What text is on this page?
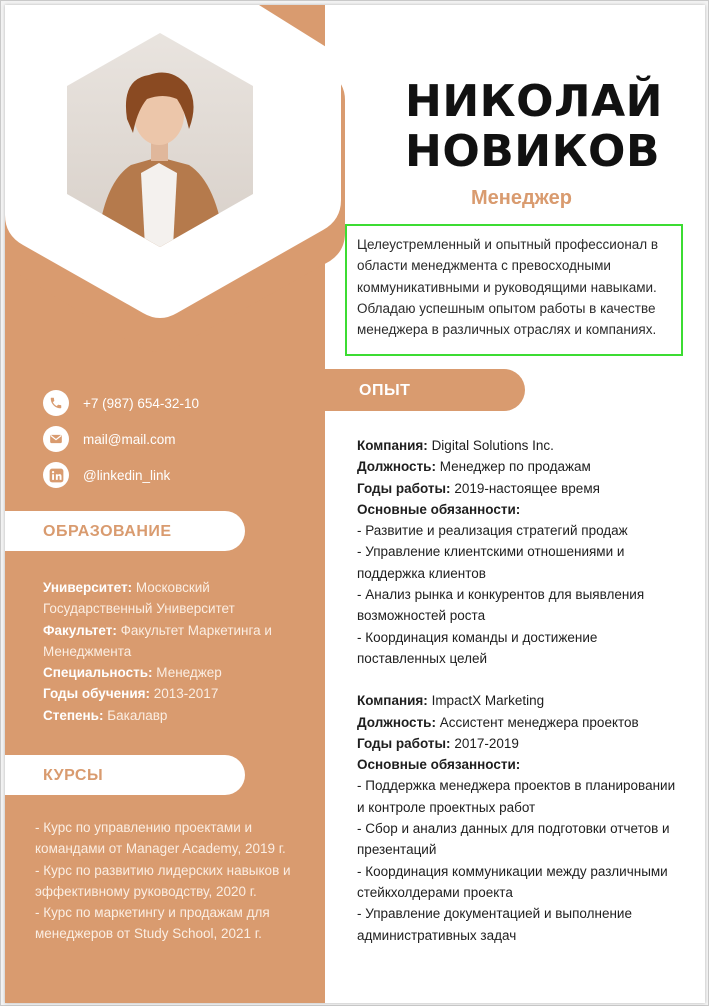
+7 (987) 654-32-10
mail@mail.com
@linkedin_link
ОБРАЗОВАНИЕ
Университет: Московский Государственный Университет
Факультет: Факультет Маркетинга и Менеджмента
Специальность: Менеджер
Годы обучения: 2013-2017
Степень: Бакалавр
КУРСЫ
- Курс по управлению проектами и командами от Manager Academy, 2019 г.
- Курс по развитию лидерских навыков и эффективному руководству, 2020 г.
- Курс по маркетингу и продажам для менеджеров от Study School, 2021 г.
НИКОЛАЙ
НОВИКОВ
Менеджер
Целеустремленный и опытный профессионал в области менеджмента с превосходными коммуникативными и руководящими навыками. Обладаю успешным опытом работы в качестве менеджера в различных отраслях и компаниях.
ОПЫТ
Компания: Digital Solutions Inc.
Должность: Менеджер по продажам
Годы работы: 2019-настоящее время
Основные обязанности:
- Развитие и реализация стратегий продаж
- Управление клиентскими отношениями и поддержка клиентов
- Анализ рынка и конкурентов для выявления возможностей роста
- Координация команды и достижение поставленных целей
Компания: ImpactX Marketing
Должность: Ассистент менеджера проектов
Годы работы: 2017-2019
Основные обязанности:
- Поддержка менеджера проектов в планировании и контроле проектных работ
- Сбор и анализ данных для подготовки отчетов и презентаций
- Координация коммуникации между различными стейкхолдерами проекта
- Управление документацией и выполнение административных задач
